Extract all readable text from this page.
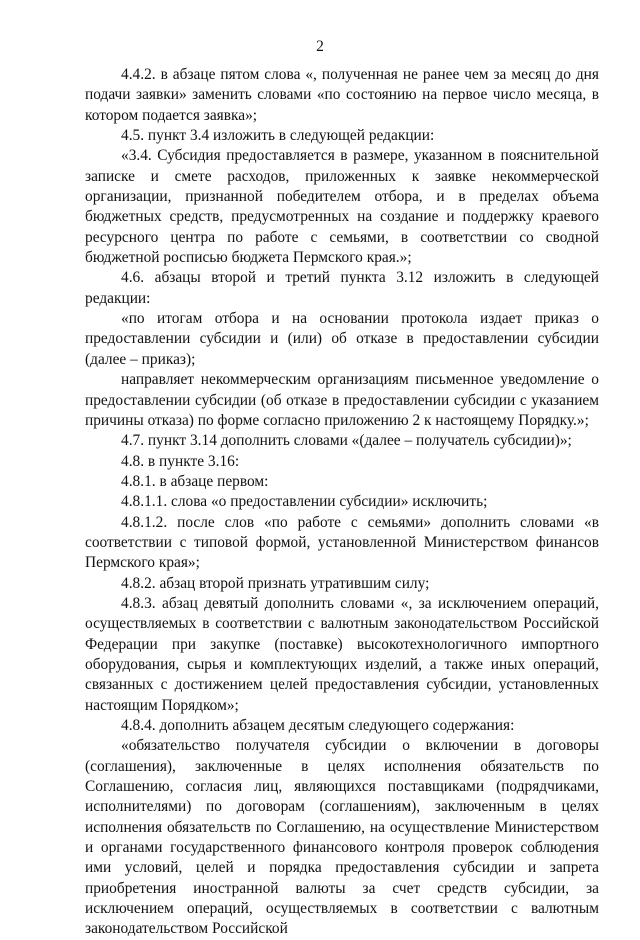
2

4.4.2. в абзаце пятом слова «, полученная не ранее чем за месяц до дня подачи заявки» заменить словами «по состоянию на первое число месяца, в котором подается заявка»;

4.5. пункт 3.4 изложить в следующей редакции:

«3.4. Субсидия предоставляется в размере, указанном в пояснительной записке и смете расходов, приложенных к заявке некоммерческой организации, признанной победителем отбора, и в пределах объема бюджетных средств, предусмотренных на создание и поддержку краевого ресурсного центра по работе с семьями, в соответствии со сводной бюджетной росписью бюджета Пермского края.»;

4.6. абзацы второй и третий пункта 3.12 изложить в следующей редакции:

«по итогам отбора и на основании протокола издает приказ о предоставлении субсидии и (или) об отказе в предоставлении субсидии (далее – приказ);

направляет некоммерческим организациям письменное уведомление о предоставлении субсидии (об отказе в предоставлении субсидии с указанием причины отказа) по форме согласно приложению 2 к настоящему Порядку.»;

4.7. пункт 3.14 дополнить словами «(далее – получатель субсидии)»;

4.8. в пункте 3.16:

4.8.1. в абзаце первом:

4.8.1.1. слова «о предоставлении субсидии» исключить;

4.8.1.2. после слов «по работе с семьями» дополнить словами «в соответствии с типовой формой, установленной Министерством финансов Пермского края»;

4.8.2. абзац второй признать утратившим силу;

4.8.3. абзац девятый дополнить словами «, за исключением операций, осуществляемых в соответствии с валютным законодательством Российской Федерации при закупке (поставке) высокотехнологичного импортного оборудования, сырья и комплектующих изделий, а также иных операций, связанных с достижением целей предоставления субсидии, установленных настоящим Порядком»;

4.8.4. дополнить абзацем десятым следующего содержания:

«обязательство получателя субсидии о включении в договоры (соглашения), заключенные в целях исполнения обязательств по Соглашению, согласия лиц, являющихся поставщиками (подрядчиками, исполнителями) по договорам (соглашениям), заключенным в целях исполнения обязательств по Соглашению, на осуществление Министерством и органами государственного финансового контроля проверок соблюдения ими условий, целей и порядка предоставления субсидии и запрета приобретения иностранной валюты за счет средств субсидии, за исключением операций, осуществляемых в соответствии с валютным законодательством Российской
